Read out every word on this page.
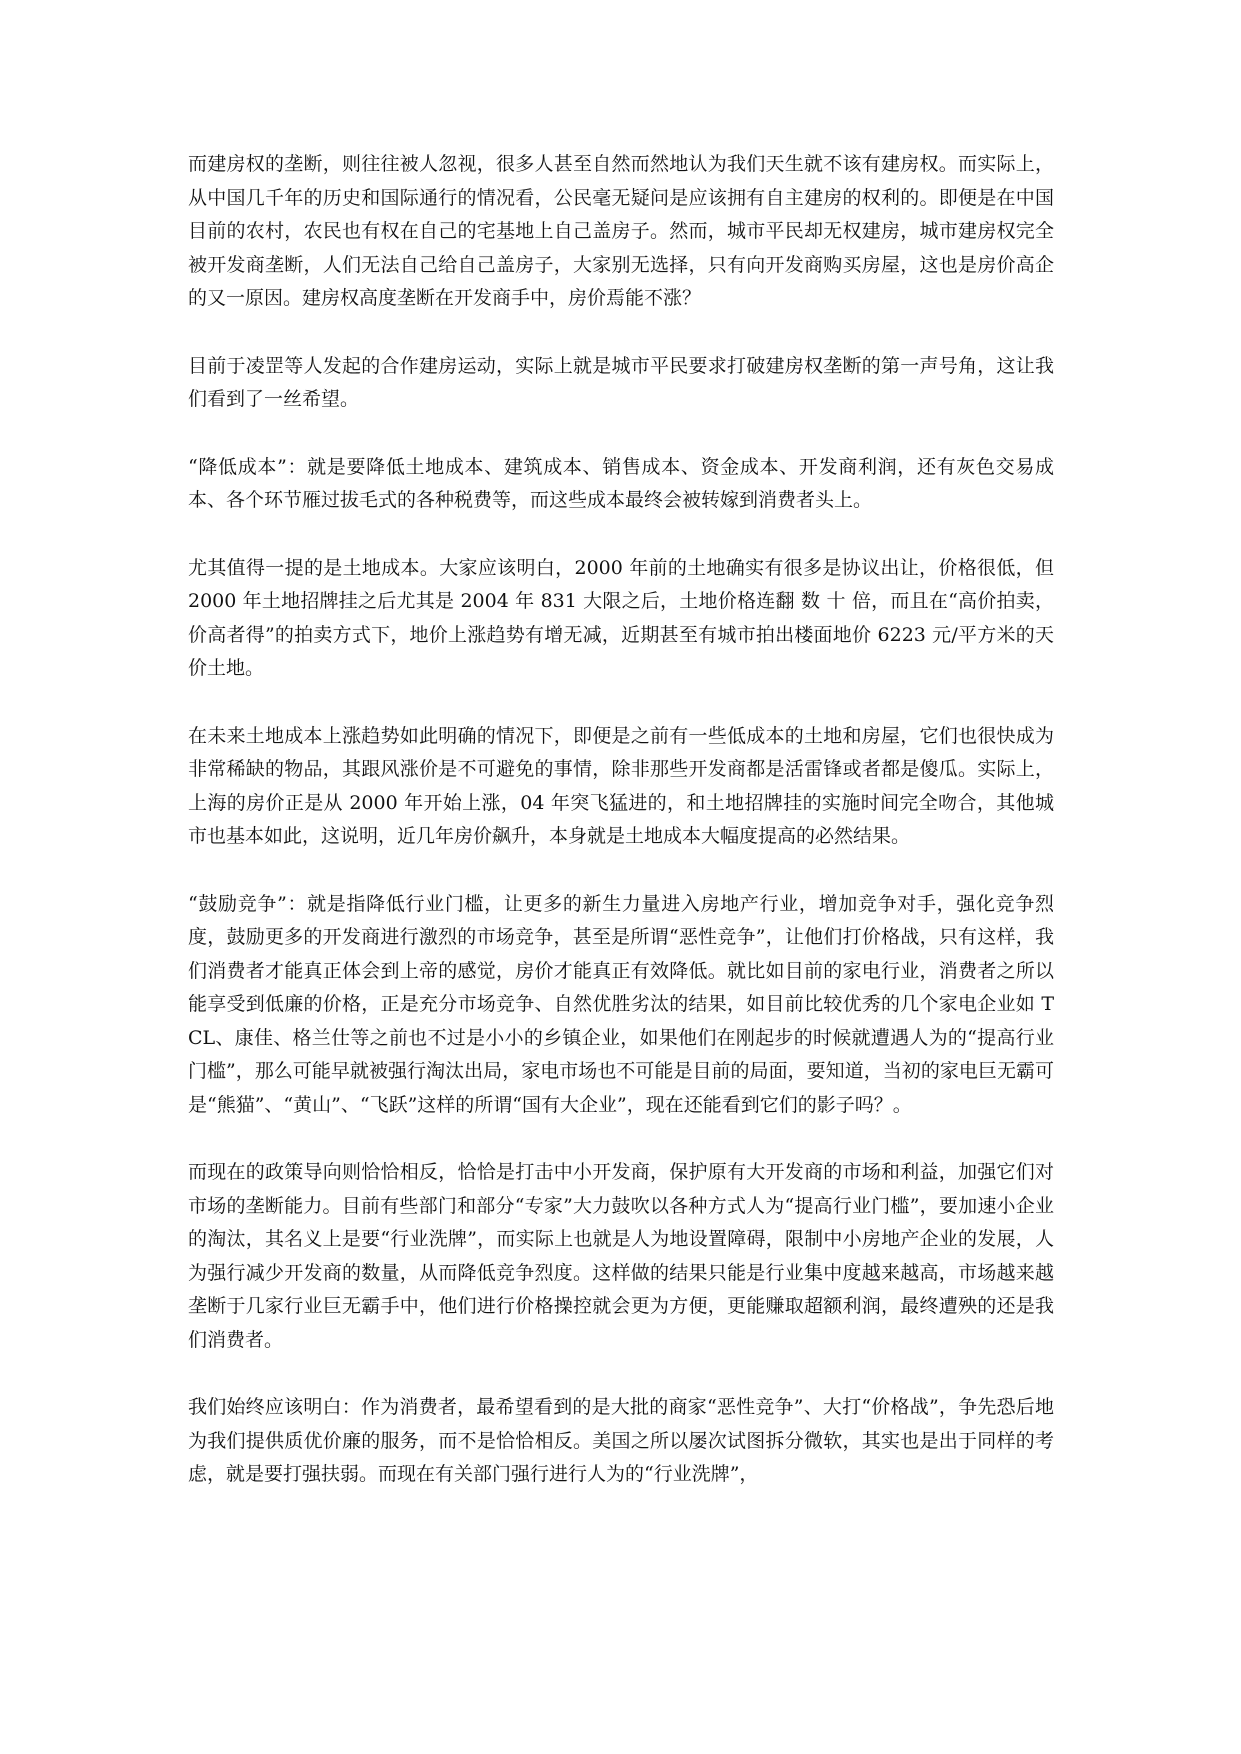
而建房权的垄断，则往往被人忽视，很多人甚至自然而然地认为我们天生就不该有建房权。而实际上，从中国几千年的历史和国际通行的情况看，公民毫无疑问是应该拥有自主建房的权利的。即便是在中国目前的农村，农民也有权在自己的宅基地上自己盖房子。然而，城市平民却无权建房，城市建房权完全被开发商垄断，人们无法自己给自己盖房子，大家别无选择，只有向开发商购买房屋，这也是房价高企的又一原因。建房权高度垄断在开发商手中，房价焉能不涨？

目前于凌罡等人发起的合作建房运动，实际上就是城市平民要求打破建房权垄断的第一声号角，这让我们看到了一丝希望。

“降低成本”：就是要降低土地成本、建筑成本、销售成本、资金成本、开发商利润，还有灰色交易成本、各个环节雁过拔毛式的各种税费等，而这些成本最终会被转嫁到消费者头上。

尤其值得一提的是土地成本。大家应该明白，2000 年前的土地确实有很多是协议出让，价格很低，但 2000 年土地招牌挂之后尤其是 2004 年 831 大限之后，土地价格连翻 数 十 倍，而且在“高价拍卖，价高者得”的拍卖方式下，地价上涨趋势有增无减，近期甚至有城市拍出楼面地价 6223 元/平方米的天价土地。

在未来土地成本上涨趋势如此明确的情况下，即便是之前有一些低成本的土地和房屋，它们也很快成为非常稀缺的物品，其跟风涨价是不可避免的事情，除非那些开发商都是活雷锋或者都是傻瓜。实际上，上海的房价正是从 2000 年开始上涨，04 年突飞猛进的，和土地招牌挂的实施时间完全吻合，其他城市也基本如此，这说明，近几年房价飙升，本身就是土地成本大幅度提高的必然结果。

“鼓励竞争”：就是指降低行业门槛，让更多的新生力量进入房地产行业，增加竞争对手，强化竞争烈度，鼓励更多的开发商进行激烈的市场竞争，甚至是所谓“恶性竞争”，让他们打价格战，只有这样，我们消费者才能真正体会到上帝的感觉，房价才能真正有效降低。就比如目前的家电行业，消费者之所以能享受到低廉的价格，正是充分市场竞争、自然优胜劣汰的结果，如目前比较优秀的几个家电企业如 TCL、康佳、格兰仕等之前也不过是小小的乡镇企业，如果他们在刚起步的时候就遭遇人为的“提高行业门槛”，那么可能早就被强行淘汰出局，家电市场也不可能是目前的局面，要知道，当初的家电巨无霸可是“熊猫”、“黄山”、“飞跃”这样的所谓“国有大企业”，现在还能看到它们的影子吗？。

而现在的政策导向则恰恰相反，恰恰是打击中小开发商，保护原有大开发商的市场和利益，加强它们对市场的垄断能力。目前有些部门和部分“专家”大力鼓吹以各种方式人为“提高行业门槛”，要加速小企业的淘汰，其名义上是要“行业洗牌”，而实际上也就是人为地设置障碍，限制中小房地产企业的发展，人为强行减少开发商的数量，从而降低竞争烈度。这样做的结果只能是行业集中度越来越高，市场越来越垄断于几家行业巨无霸手中，他们进行价格操控就会更为方便，更能赚取超额利润，最终遭殃的还是我们消费者。

我们始终应该明白：作为消费者，最希望看到的是大批的商家“恶性竞争”、大打“价格战”，争先恐后地为我们提供质优价廉的服务，而不是恰恰相反。美国之所以屡次试图拆分微软，其实也是出于同样的考虑，就是要打强扶弱。而现在有关部门强行进行人为的“行业洗牌”，
